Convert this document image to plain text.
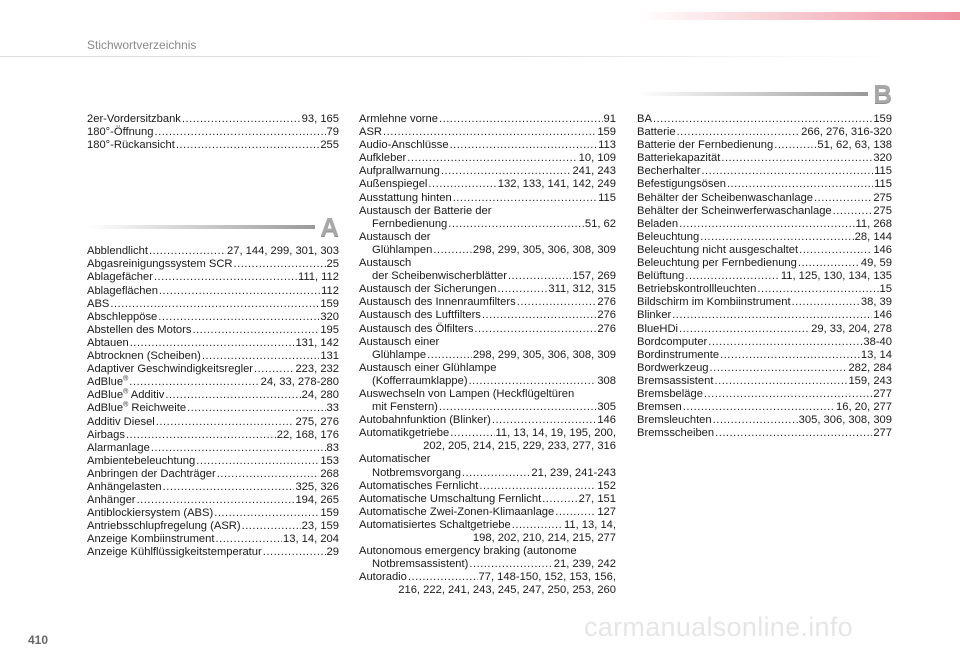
Stichwortverzeichnis
2er-Vordersitzbank .....	93, 165
180°-Öffnung .....	79
180°-Rückansicht .....	255
A
Abblendlicht .....	27, 144, 299, 301, 303
Abgasreinigungssystem SCR .....	25
Ablagefächer .....	111, 112
Ablageflächen .....	112
ABS .....	159
Abschleppöse .....	320
Abstellen des Motors .....	195
Abtauen .....	131, 142
Abtrocknen (Scheiben) .....	131
Adaptiver Geschwindigkeitsregler .....	223, 232
AdBlue® .....	24, 33, 278-280
AdBlue® Additiv .....	24, 280
AdBlue® Reichweite .....	33
Additiv Diesel .....	275, 276
Airbags .....	22, 168, 176
Alarmanlage .....	83
Ambientebeleuchtung .....	153
Anbringen der Dachträger .....	268
Anhängelasten .....	325, 326
Anhänger .....	194, 265
Antiblockiersystem (ABS) .....	159
Antriebsschlupfregelung (ASR) .....	23, 159
Anzeige Kombiinstrument .....	13, 14, 204
Anzeige Kühlflüssigkeitstemperatur .....	29
Armlehne vorne .....	91
ASR .....	159
Audio-Anschlüsse .....	113
Aufkleber .....	10, 109
Aufprallwarnung .....	241, 243
Außenspiegel .....	132, 133, 141, 142, 249
Ausstattung hinten .....	115
Austausch der Batterie der
Fernbedienung .....	51, 62
Austausch der
Glühlampen .....	298, 299, 305, 306, 308, 309
Austausch
der Scheibenwischerblätter .....	157, 269
Austausch der Sicherungen .....	311, 312, 315
Austausch des Innenraumfilters .....	276
Austausch des Luftfilters .....	276
Austausch des Ölfilters .....	276
Austausch einer
Glühlampe .....	298, 299, 305, 306, 308, 309
Austausch einer Glühlampe
(Kofferraumklappe) .....	308
Auswechseln von Lampen (Heckflügeltüren
mit Fenstern) .....	305
Autobahnfunktion (Blinker) .....	146
Automatikgetriebe .....	11, 13, 14, 19, 195, 200,
202, 205, 214, 215, 229, 233, 277, 316
Automatischer
Notbremsvorgang .....	21, 239, 241-243
Automatisches Fernlicht .....	152
Automatische Umschaltung Fernlicht .....	27, 151
Automatische Zwei-Zonen-Klimaanlage .....	127
Automatisiertes Schaltgetriebe .....	11, 13, 14,
198, 202, 210, 214, 215, 277
Autonomous emergency braking (autonome
Notbremsassistent) .....	21, 239, 242
Autoradio .....	77, 148-150, 152, 153, 156,
216, 222, 241, 243, 245, 247, 250, 253, 260
B
BA .....	159
Batterie .....	266, 276, 316-320
Batterie der Fernbedienung .....	51, 62, 63, 138
Batteriekapazität .....	320
Becherhalter .....	115
Befestigungsösen .....	115
Behälter der Scheibenwaschanlage .....	275
Behälter der Scheinwerferwaschanlage .....	275
Beladen .....	11, 268
Beleuchtung .....	28, 144
Beleuchtung nicht ausgeschaltet .....	146
Beleuchtung per Fernbedienung .....	49, 59
Belüftung .....	11, 125, 130, 134, 135
Betriebskontrollleuchten .....	15
Bildschirm im Kombiinstrument .....	38, 39
Blinker .....	146
BlueHDi .....	29, 33, 204, 278
Bordcomputer .....	38-40
Bordinstrumente .....	13, 14
Bordwerkzeug .....	282, 284
Bremsassistent .....	159, 243
Bremsbeläge .....	277
Bremsen .....	16, 20, 277
Bremsleuchten .....	305, 306, 308, 309
Bremsscheiben .....	277
410	carmanualsonline.info
